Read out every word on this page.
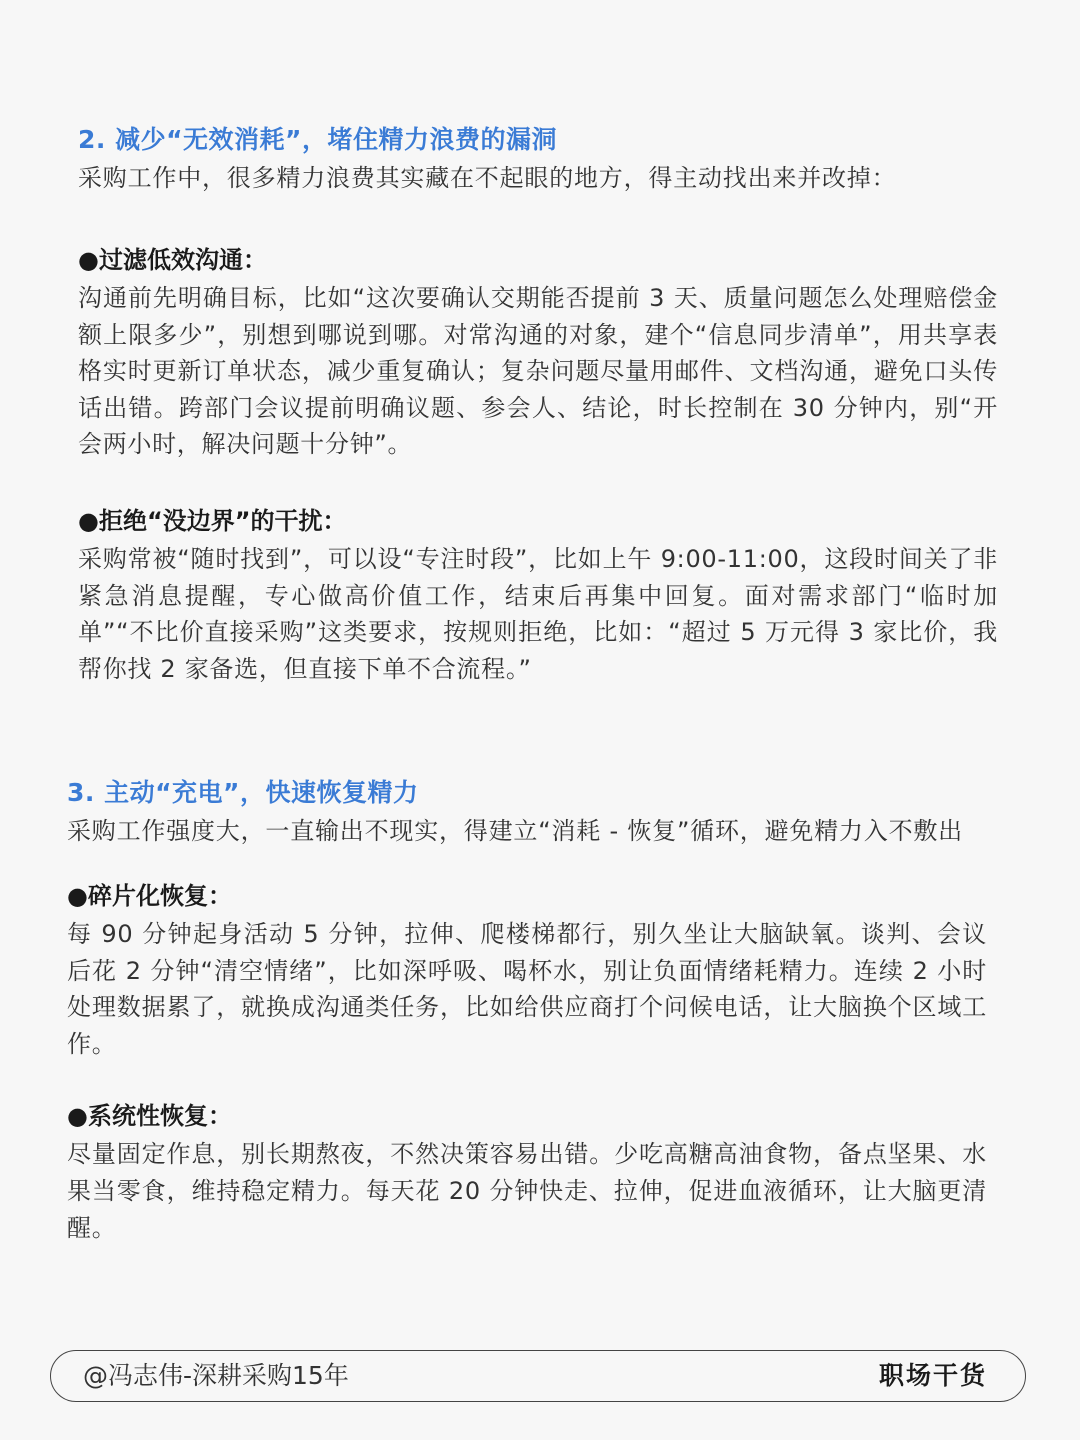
2. 减少“无效消耗”，堵住精力浪费的漏洞
采购工作中，很多精力浪费其实藏在不起眼的地方，得主动找出来并改掉：
●过滤低效沟通：
沟通前先明确目标，比如“这次要确认交期能否提前 3 天、质量问题怎么处理赔偿金额上限多少”，别想到哪说到哪。对常沟通的对象，建个“信息同步清单”，用共享表格实时更新订单状态，减少重复确认；复杂问题尽量用邮件、文档沟通，避免口头传话出错。跨部门会议提前明确议题、参会人、结论，时长控制在 30 分钟内，别“开会两小时，解决问题十分钟”。
●拒绝“没边界”的干扰：
采购常被“随时找到”，可以设“专注时段”，比如上午 9:00-11:00，这段时间关了非紧急消息提醒，专心做高价值工作，结束后再集中回复。面对需求部门“临时加单”“不比价直接采购”这类要求，按规则拒绝，比如：“超过 5 万元得 3 家比价，我帮你找 2 家备选，但直接下单不合流程。”
3. 主动“充电”，快速恢复精力
采购工作强度大，一直输出不现实，得建立“消耗 - 恢复”循环，避免精力入不敷出
●碎片化恢复：
每 90 分钟起身活动 5 分钟，拉伸、爬楼梯都行，别久坐让大脑缺氧。谈判、会议后花 2 分钟“清空情绪”，比如深呼吸、喝杯水，别让负面情绪耗精力。连续 2 小时处理数据累了，就换成沟通类任务，比如给供应商打个问候电话，让大脑换个区域工作。
●系统性恢复：
尽量固定作息，别长期熬夜，不然决策容易出错。少吃高糖高油食物，备点坚果、水果当零食，维持稳定精力。每天花 20 分钟快走、拉伸，促进血液循环，让大脑更清醒。
@冯志伟-深耕采购15年	职场干货
